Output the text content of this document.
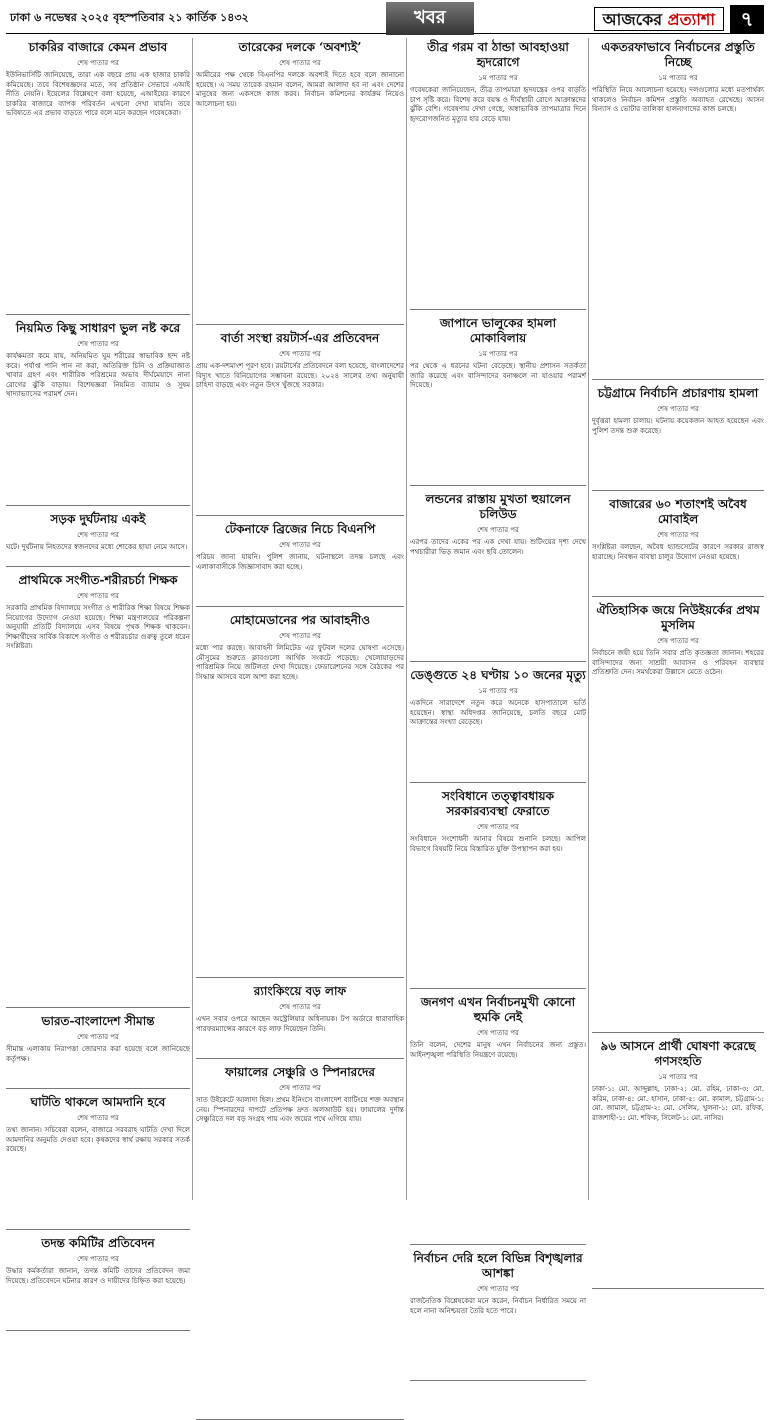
ঢাকা ৬ নভেম্বর ২০২৫ বৃহস্পতিবার ২১ কার্তিক ১৪৩২	খবর	আজকের প্রত্যাশা	৭
চাকরির বাজারে কেমন প্রভাব
শেষ পাতার পর
ইউনিভার্সিটি জানিয়েছে, তারা এক বছরে প্রায় এক হাজার চাকরি কমিয়েছে। তবে বিশেষজ্ঞদের মতে, সব প্রতিষ্ঠান সেভাবে এআই নীতি নেয়নি। ইয়েলের বিশ্লেষণে বলা হয়েছে, এআইয়ের কারণে চাকরির বাজারে ব্যাপক পরিবর্তন এখনো দেখা যায়নি। তবে ভবিষ্যতে এর প্রভাব বাড়তে পারে বলে মনে করছেন গবেষকেরা।
নিয়মিত কিছু সাধারণ ভুল নষ্ট করে
শেষ পাতার পর
কার্যক্ষমতা কমে যায়, অনিয়মিত ঘুম শরীরের স্বাভাবিক ছন্দ নষ্ট করে। পর্যাপ্ত পানি পান না করা, অতিরিক্ত চিনি ও প্রক্রিয়াজাত খাবার গ্রহণ এবং শারীরিক পরিশ্রমের অভাব দীর্ঘমেয়াদে নানা রোগের ঝুঁকি বাড়ায়। বিশেষজ্ঞরা নিয়মিত ব্যায়াম ও সুষম খাদ্যাভ্যাসের পরামর্শ দেন।
সড়ক দুর্ঘটনায় একই
শেষ পাতার পর
ঘটে। দুর্ঘটনায় নিহতদের স্বজনদের মধ্যে শোকের ছায়া নেমে আসে।
প্রাথমিকে সংগীত-শরীরচর্চা শিক্ষক
শেষ পাতার পর
সরকারি প্রাথমিক বিদ্যালয়ে সংগীত ও শারীরিক শিক্ষা বিষয়ে শিক্ষক নিয়োগের উদ্যোগ নেওয়া হয়েছে। শিক্ষা মন্ত্রণালয়ের পরিকল্পনা অনুযায়ী প্রতিটি বিদ্যালয়ে এসব বিষয়ে পৃথক শিক্ষক থাকবেন। শিক্ষার্থীদের সার্বিক বিকাশে সংগীত ও শরীরচর্চার গুরুত্ব তুলে ধরেন সংশ্লিষ্টরা।
ভারত-বাংলাদেশ সীমান্ত
শেষ পাতার পর
সীমান্ত এলাকায় নিরাপত্তা জোরদার করা হয়েছে বলে জানিয়েছে কর্তৃপক্ষ।
ঘাটতি থাকলে আমদানি হবে
শেষ পাতার পর
তথ্য জানান। সচিবেরা বলেন, বাজারে সরবরাহ ঘাটতি দেখা দিলে আমদানির অনুমতি দেওয়া হবে। কৃষকদের স্বার্থ রক্ষায় সরকার সতর্ক রয়েছে।
তদন্ত কমিটির প্রতিবেদন
শেষ পাতার পর
উদ্ধার কর্মকর্তারা জানান, তদন্ত কমিটি তাদের প্রতিবেদন জমা দিয়েছে। প্রতিবেদনে ঘটনার কারণ ও দায়ীদের চিহ্নিত করা হয়েছে।
তারেকের দলকে ‘অবশ্যই’
শেষ পাতার পর
আমীরের পক্ষ থেকে বিএনপির দলকে অবশ্যই দিতে হবে বলে জানানো হয়েছে। এ সময় তারেক রহমান বলেন, আমরা আলাদা হব না এবং দেশের মানুষের জন্য একসঙ্গে কাজ করব। নির্বাচন কমিশনের কার্যক্রম নিয়েও আলোচনা হয়।
বার্তা সংস্থা রয়টার্স-এর প্রতিবেদন
শেষ পাতার পর
প্রায় এক-দশমাংশ পূরণ হবে। রয়টার্সের প্রতিবেদনে বলা হয়েছে, বাংলাদেশের বিদ্যুৎ খাতে বিনিয়োগের সম্ভাবনা রয়েছে। ২০২৪ সালের তথ্য অনুযায়ী চাহিদা বাড়ছে এবং নতুন উৎস খুঁজছে সরকার।
টেকনাফে ব্রিজের নিচে বিএনপি
শেষ পাতার পর
পরিচয় জানা যায়নি। পুলিশ জানায়, ঘটনাস্থলে তদন্ত চলছে এবং এলাকাবাসীকে জিজ্ঞাসাবাদ করা হচ্ছে।
মোহামেডানের পর আবাহনীও
শেষ পাতার পর
মধ্যে পার করছে। আবাহনী লিমিটেড এর ফুটবল দলের ঘোষণা এসেছে। মৌসুমের শুরুতে ক্লাবগুলো আর্থিক সংকটে পড়েছে। খেলোয়াড়দের পারিশ্রমিক নিয়ে জটিলতা দেখা দিয়েছে। ফেডারেশনের সঙ্গে বৈঠকের পর সিদ্ধান্ত আসবে বলে আশা করা হচ্ছে।
র‍্যাংকিংয়ে বড় লাফ
শেষ পাতার পর
এখন সবার ওপরে আছেন অস্ট্রেলিয়ার অধিনায়ক। টপ অর্ডারে ধারাবাহিক পারফরম্যান্সের কারণে বড় লাফ দিয়েছেন তিনি।
ফায়ালের সেঞ্চুরি ও স্পিনারদের
শেষ পাতার পর
সাত উইকেটে আলাদা ছিল। প্রথম ইনিংসে বাংলাদেশ ব্যাটিংয়ে শক্ত অবস্থান নেয়। স্পিনারদের দাপটে প্রতিপক্ষ দ্রুত অলআউট হয়। ফায়ালের দুর্দান্ত সেঞ্চুরিতে দল বড় সংগ্রহ পায় এবং জয়ের পথে এগিয়ে যায়।
তীব্র গরম বা ঠান্ডা আবহাওয়া হৃদরোগে
১ম পাতার পর
গবেষকেরা জানিয়েছেন, তীব্র তাপমাত্রা হৃদযন্ত্রের ওপর বাড়তি চাপ সৃষ্টি করে। বিশেষ করে বয়স্ক ও দীর্ঘস্থায়ী রোগে আক্রান্তদের ঝুঁকি বেশি। গবেষণায় দেখা গেছে, অস্বাভাবিক তাপমাত্রার দিনে হৃদরোগজনিত মৃত্যুর হার বেড়ে যায়।
জাপানে ভালুকের হামলা মোকাবিলায়
১ম পাতার পর
পর থেকে এ ধরনের ঘটনা বেড়েছে। স্থানীয় প্রশাসন সতর্কতা জারি করেছে এবং বাসিন্দাদের বনাঞ্চলে না যাওয়ার পরামর্শ দিয়েছে।
লন্ডনের রাস্তায় মুখতা হুয়ালেন চলিউড
শেষ পাতার পর
এরপর তাদের একের পর এক দেখা যায়। শুটিংয়ের দৃশ্য দেখে পথচারীরা ভিড় জমান এবং ছবি তোলেন।
ডেঙ্গুতে ২৪ ঘণ্টায় ১০ জনের মৃত্যু
১ম পাতার পর
একদিনে সারাদেশে নতুন করে অনেকে হাসপাতালে ভর্তি হয়েছেন। স্বাস্থ্য অধিদপ্তর জানিয়েছে, চলতি বছরে মোট আক্রান্তের সংখ্যা বেড়েছে।
সংবিধানে তত্ত্বাবধায়ক সরকারব্যবস্থা ফেরাতে
শেষ পাতার পর
সংবিধানে সংশোধনী আনার বিষয়ে শুনানি চলছে। আপিল বিভাগে বিষয়টি নিয়ে বিস্তারিত যুক্তি উপস্থাপন করা হয়।
জনগণ এখন নির্বাচনমুখী কোনো হুমকি নেই
শেষ পাতার পর
তিনি বলেন, দেশের মানুষ এখন নির্বাচনের জন্য প্রস্তুত। আইনশৃঙ্খলা পরিস্থিতি নিয়ন্ত্রণে রয়েছে।
নির্বাচন দেরি হলে বিভিন্ন বিশৃঙ্খলার আশঙ্কা
শেষ পাতার পর
রাজনৈতিক বিশ্লেষকেরা মনে করেন, নির্বাচন নির্ধারিত সময়ে না হলে নানা অনিশ্চয়তা তৈরি হতে পারে।
একতরফাভাবে নির্বাচনের প্রস্তুতি নিচ্ছে
১ম পাতার পর
পরিস্থিতি নিয়ে আলোচনা হয়েছে। দলগুলোর মধ্যে মতপার্থক্য থাকলেও নির্বাচন কমিশন প্রস্তুতি অব্যাহত রেখেছে। আসন বিন্যাস ও ভোটার তালিকা হালনাগাদের কাজ চলছে।
চট্টগ্রামে নির্বাচনি প্রচারণায় হামলা
শেষ পাতার পর
দুর্বৃত্তরা হামলা চালায়। ঘটনায় কয়েকজন আহত হয়েছেন এবং পুলিশ তদন্ত শুরু করেছে।
বাজারের ৬০ শতাংশই অবৈধ মোবাইল
শেষ পাতার পর
সংশ্লিষ্টরা বলছেন, অবৈধ হ্যান্ডসেটের কারণে সরকার রাজস্ব হারাচ্ছে। নিবন্ধন ব্যবস্থা চালুর উদ্যোগ নেওয়া হয়েছে।
ঐতিহাসিক জয়ে নিউইয়র্কের প্রথম মুসলিম
শেষ পাতার পর
নির্বাচনে জয়ী হয়ে তিনি সবার প্রতি কৃতজ্ঞতা জানান। শহরের বাসিন্দাদের জন্য সাশ্রয়ী আবাসন ও পরিবহন ব্যবস্থার প্রতিশ্রুতি দেন। সমর্থকেরা উল্লাসে মেতে ওঠেন।
৯৬ আসনে প্রার্থী ঘোষণা করেছে গণসংহতি
১ম পাতার পর
ঢাকা-১: মো. আব্দুল্লাহ, ঢাকা-২: মো. রহিম, ঢাকা-৩: মো. করিম, ঢাকা-৪: মো. হাসান, ঢাকা-৫: মো. কামাল, চট্টগ্রাম-১: মো. জামাল, চট্টগ্রাম-২: মো. সেলিম, খুলনা-১: মো. রফিক, রাজশাহী-১: মো. শফিক, সিলেট-১: মো. নাসির।
